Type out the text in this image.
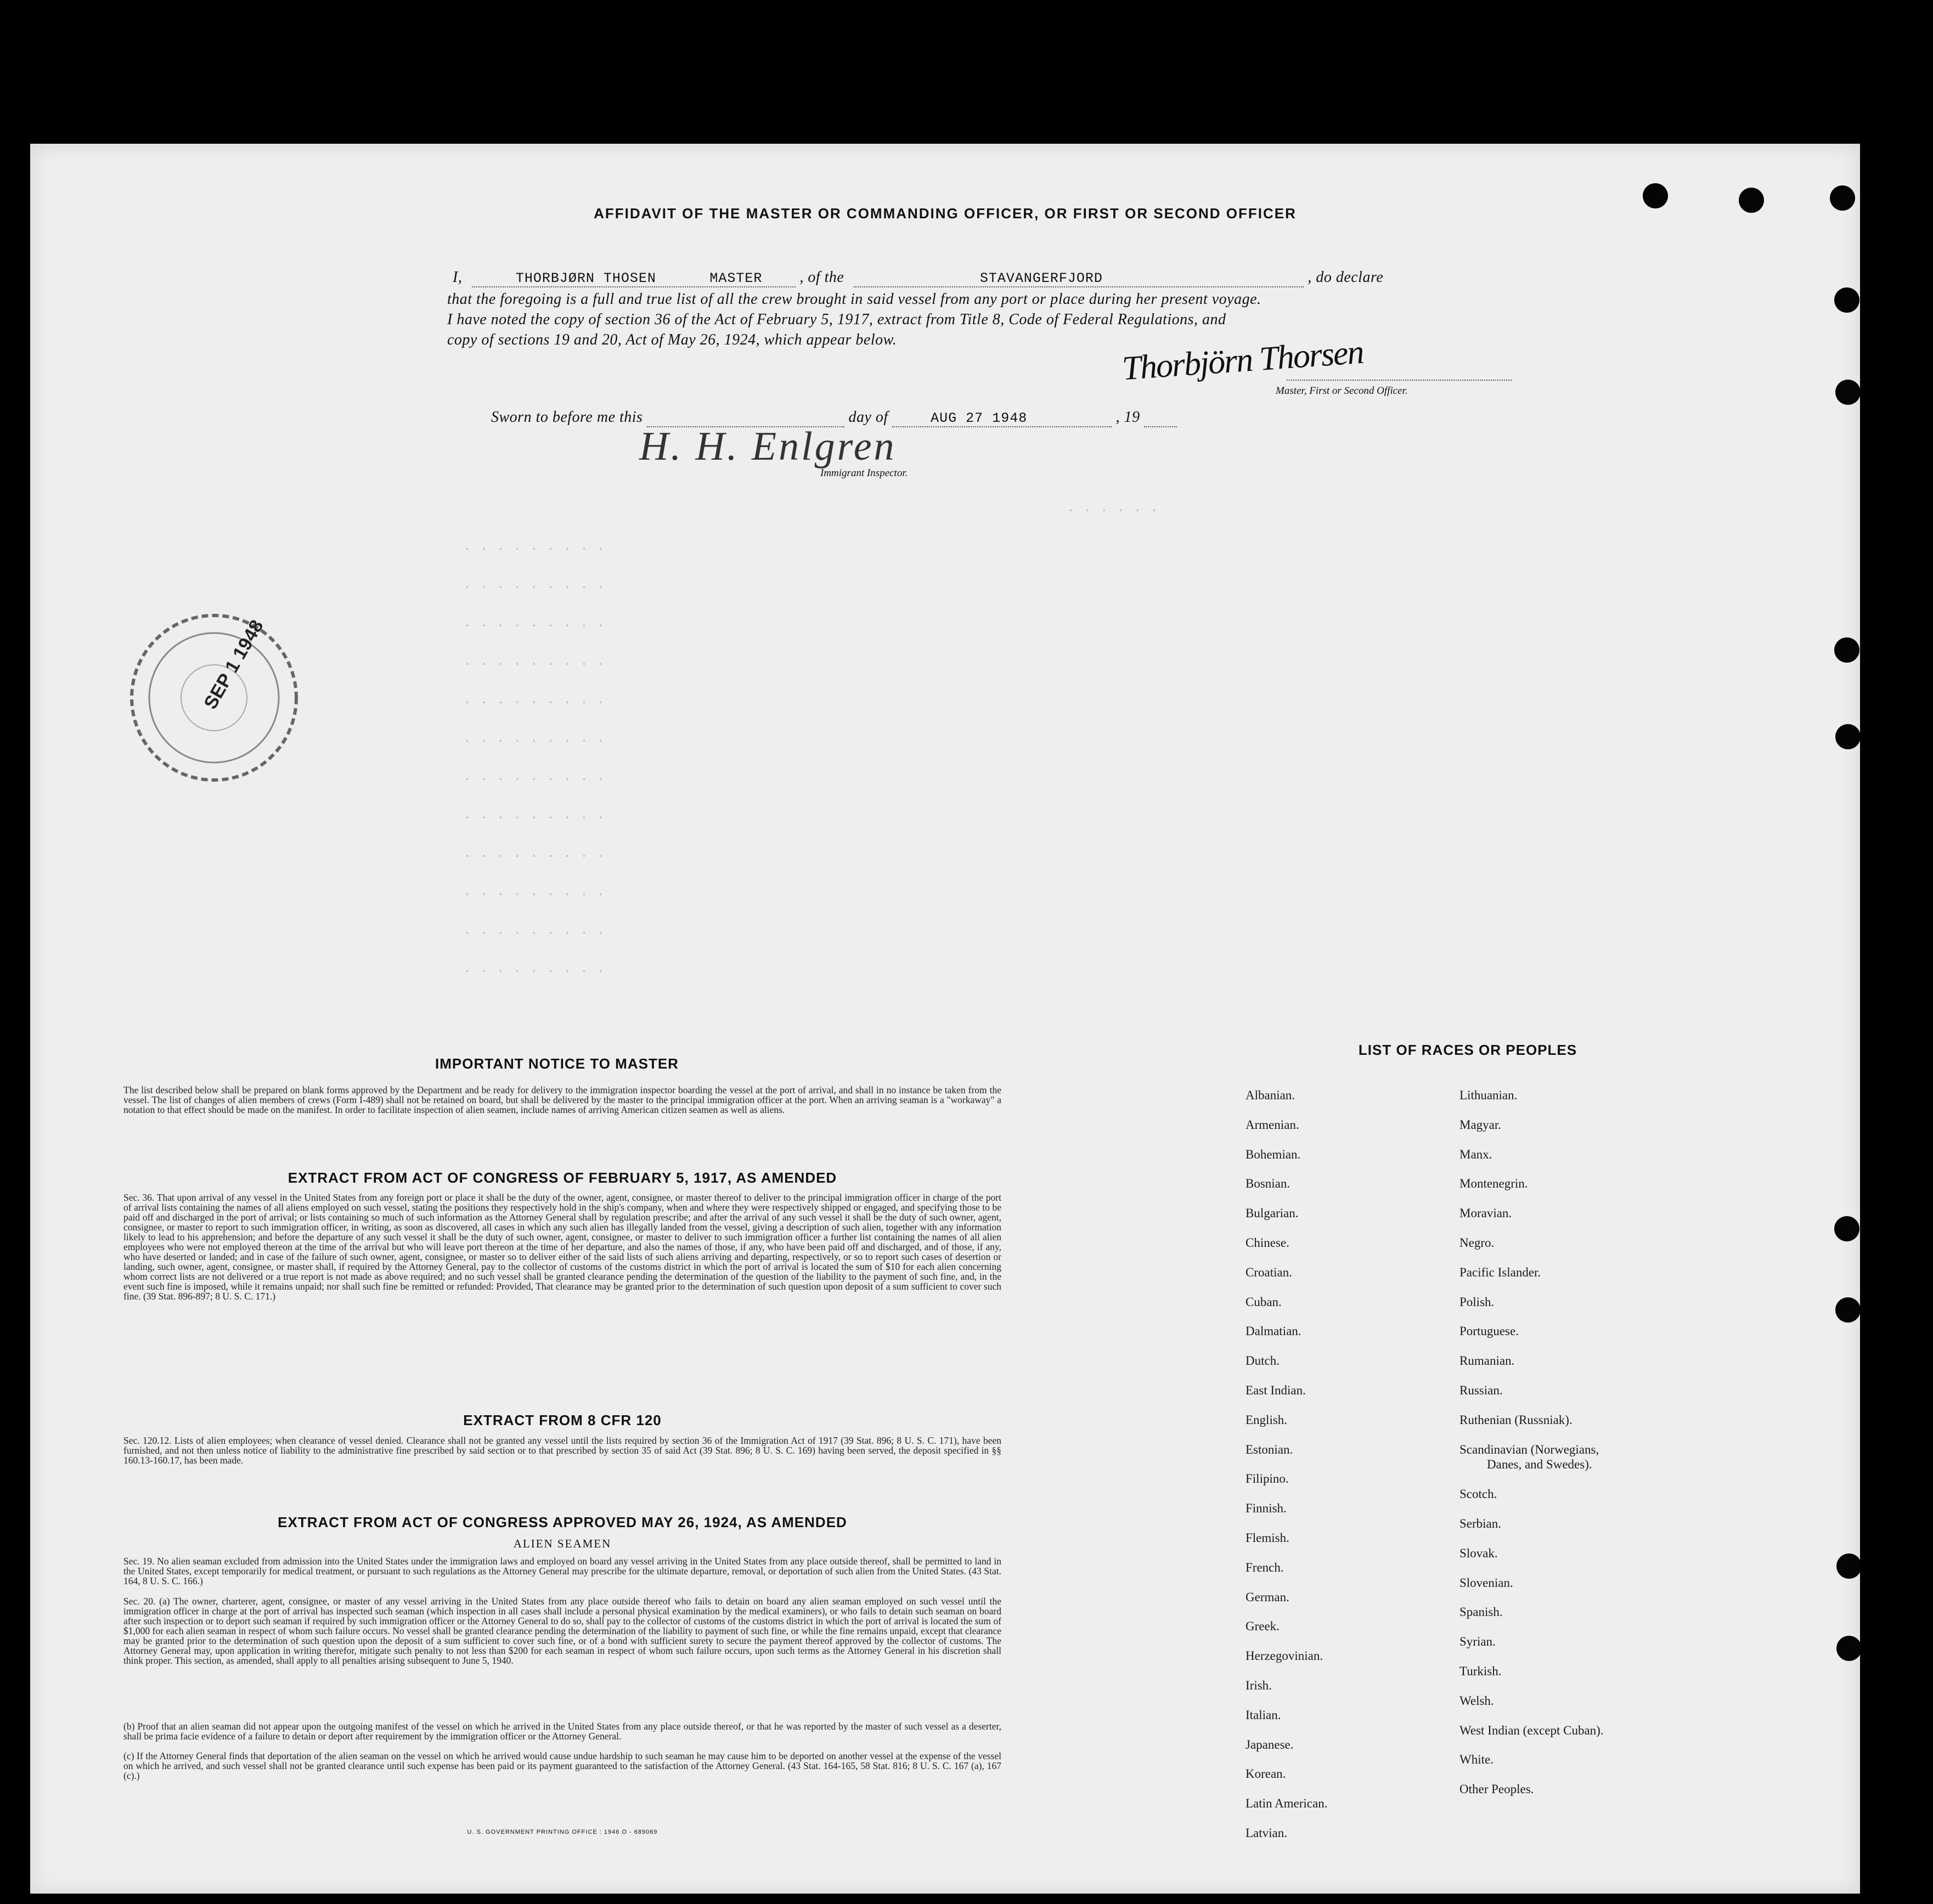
AFFIDAVIT OF THE MASTER OR COMMANDING OFFICER, OR FIRST OR SECOND OFFICER
I,	THORBJØRN THOSEN	MASTER , of the	STAVANGERFJORD	, do declare
that the foregoing is a full and true list of all the crew brought in said vessel from any port or place during her present voyage.
I have noted the copy of section 36 of the Act of February 5, 1917, extract from Title 8, Code of Federal Regulations, and
copy of sections 19 and 20, Act of May 26, 1924, which appear below.	Thorbjörn Thorsen
Master, First or Second Officer.
Sworn to before me this	day of	AUG 27 1948	, 19
H. H. Enlgren
Immigrant Inspector.
. . . . . .
. . . . . . . . .
. . . . . . . . .
. . . . . . . . .
. . . . . . . . .
. . . . . . . . .
. . . . . . . . .
. . . . . . . . .
. . . . . . . . .
. . . . . . . . .
. . . . . . . . .
. . . . . . . . .
. . . . . . . . .
SEP 1 1948
IMPORTANT NOTICE TO MASTER
The list described below shall be prepared on blank forms approved by the Department and be ready for delivery to the immigration inspector boarding the vessel at the port of arrival, and shall in no instance be taken from the vessel. The list of changes of alien members of crews (Form I-489) shall not be retained on board, but shall be delivered by the master to the principal immigration officer at the port. When an arriving seaman is a "workaway" a notation to that effect should be made on the manifest. In order to facilitate inspection of alien seamen, include names of arriving American citizen seamen as well as aliens.
EXTRACT FROM ACT OF CONGRESS OF FEBRUARY 5, 1917, AS AMENDED
Sec. 36. That upon arrival of any vessel in the United States from any foreign port or place it shall be the duty of the owner, agent, consignee, or master thereof to deliver to the principal immigration officer in charge of the port of arrival lists containing the names of all aliens employed on such vessel, stating the positions they respectively hold in the ship's company, when and where they were respectively shipped or engaged, and specifying those to be paid off and discharged in the port of arrival; or lists containing so much of such information as the Attorney General shall by regulation prescribe; and after the arrival of any such vessel it shall be the duty of such owner, agent, consignee, or master to report to such immigration officer, in writing, as soon as discovered, all cases in which any such alien has illegally landed from the vessel, giving a description of such alien, together with any information likely to lead to his apprehension; and before the departure of any such vessel it shall be the duty of such owner, agent, consignee, or master to deliver to such immigration officer a further list containing the names of all alien employees who were not employed thereon at the time of the arrival but who will leave port thereon at the time of her departure, and also the names of those, if any, who have been paid off and discharged, and of those, if any, who have deserted or landed; and in case of the failure of such owner, agent, consignee, or master so to deliver either of the said lists of such aliens arriving and departing, respectively, or so to report such cases of desertion or landing, such owner, agent, consignee, or master shall, if required by the Attorney General, pay to the collector of customs of the customs district in which the port of arrival is located the sum of $10 for each alien concerning whom correct lists are not delivered or a true report is not made as above required; and no such vessel shall be granted clearance pending the determination of the question of the liability to the payment of such fine, and, in the event such fine is imposed, while it remains unpaid; nor shall such fine be remitted or refunded: Provided, That clearance may be granted prior to the determination of such question upon deposit of a sum sufficient to cover such fine. (39 Stat. 896-897; 8 U. S. C. 171.)
EXTRACT FROM 8 CFR 120
Sec. 120.12. Lists of alien employees; when clearance of vessel denied. Clearance shall not be granted any vessel until the lists required by section 36 of the Immigration Act of 1917 (39 Stat. 896; 8 U. S. C. 171), have been furnished, and not then unless notice of liability to the administrative fine prescribed by said section or to that prescribed by section 35 of said Act (39 Stat. 896; 8 U. S. C. 169) having been served, the deposit specified in §§ 160.13-160.17, has been made.
EXTRACT FROM ACT OF CONGRESS APPROVED MAY 26, 1924, AS AMENDED
ALIEN SEAMEN
Sec. 19. No alien seaman excluded from admission into the United States under the immigration laws and employed on board any vessel arriving in the United States from any place outside thereof, shall be permitted to land in the United States, except temporarily for medical treatment, or pursuant to such regulations as the Attorney General may prescribe for the ultimate departure, removal, or deportation of such alien from the United States. (43 Stat. 164, 8 U. S. C. 166.)
Sec. 20. (a) The owner, charterer, agent, consignee, or master of any vessel arriving in the United States from any place outside thereof who fails to detain on board any alien seaman employed on such vessel until the immigration officer in charge at the port of arrival has inspected such seaman (which inspection in all cases shall include a personal physical examination by the medical examiners), or who fails to detain such seaman on board after such inspection or to deport such seaman if required by such immigration officer or the Attorney General to do so, shall pay to the collector of customs of the customs district in which the port of arrival is located the sum of $1,000 for each alien seaman in respect of whom such failure occurs. No vessel shall be granted clearance pending the determination of the liability to payment of such fine, or while the fine remains unpaid, except that clearance may be granted prior to the determination of such question upon the deposit of a sum sufficient to cover such fine, or of a bond with sufficient surety to secure the payment thereof approved by the collector of customs. The Attorney General may, upon application in writing therefor, mitigate such penalty to not less than $200 for each seaman in respect of whom such failure occurs, upon such terms as the Attorney General in his discretion shall think proper. This section, as amended, shall apply to all penalties arising subsequent to June 5, 1940.
(b) Proof that an alien seaman did not appear upon the outgoing manifest of the vessel on which he arrived in the United States from any place outside thereof, or that he was reported by the master of such vessel as a deserter, shall be prima facie evidence of a failure to detain or deport after requirement by the immigration officer or the Attorney General.
(c) If the Attorney General finds that deportation of the alien seaman on the vessel on which he arrived would cause undue hardship to such seaman he may cause him to be deported on another vessel at the expense of the vessel on which he arrived, and such vessel shall not be granted clearance until such expense has been paid or its payment guaranteed to the satisfaction of the Attorney General. (43 Stat. 164-165, 58 Stat. 816; 8 U. S. C. 167 (a), 167 (c).)
U. S. GOVERNMENT PRINTING OFFICE : 1946 O - 689069
LIST OF RACES OR PEOPLES
Albanian.
Armenian.
Bohemian.
Bosnian.
Bulgarian.
Chinese.
Croatian.
Cuban.
Dalmatian.
Dutch.
East Indian.
English.
Estonian.
Filipino.
Finnish.
Flemish.
French.
German.
Greek.
Herzegovinian.
Irish.
Italian.
Japanese.
Korean.
Latin American.
Latvian.
Lithuanian.
Magyar.
Manx.
Montenegrin.
Moravian.
Negro.
Pacific Islander.
Polish.
Portuguese.
Rumanian.
Russian.
Ruthenian (Russniak).
Scandinavian (Norwegians,
Danes, and Swedes).
Scotch.
Serbian.
Slovak.
Slovenian.
Spanish.
Syrian.
Turkish.
Welsh.
West Indian (except Cuban).
White.
Other Peoples.
